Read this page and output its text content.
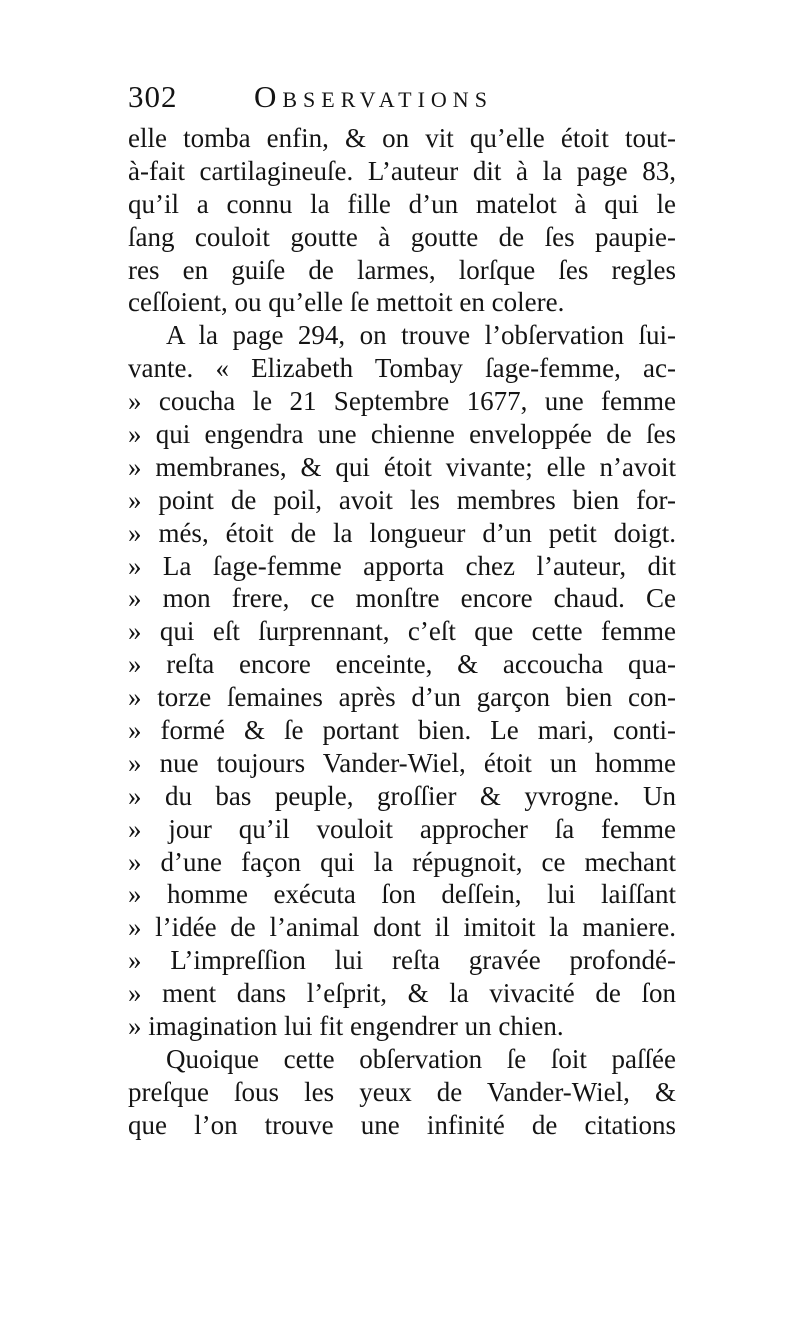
302 Observations
elle tomba enfin, & on vit qu’elle étoit tout-
à-fait cartilagineuſe. L’auteur dit à la page 83,
qu’il a connu la fille d’un matelot à qui le
ſang couloit goutte à goutte de ſes paupie-
res en guiſe de larmes, lorſque ſes regles
ceſſoient, ou qu’elle ſe mettoit en colere.
A la page 294, on trouve l’obſervation ſui-
vante. « Elizabeth Tombay ſage-femme, ac-
» coucha le 21 Septembre 1677, une femme
» qui engendra une chienne enveloppée de ſes
» membranes, & qui étoit vivante; elle n’avoit
» point de poil, avoit les membres bien for-
» més, étoit de la longueur d’un petit doigt.
» La ſage-femme apporta chez l’auteur, dit
» mon frere, ce monſtre encore chaud. Ce
» qui eſt ſurprennant, c’eſt que cette femme
» reſta encore enceinte, & accoucha qua-
» torze ſemaines après d’un garçon bien con-
» formé & ſe portant bien. Le mari, conti-
» nue toujours Vander-Wiel, étoit un homme
» du bas peuple, groſſier & yvrogne. Un
» jour qu’il vouloit approcher ſa femme
» d’une façon qui la répugnoit, ce mechant
» homme exécuta ſon deſſein, lui laiſſant
» l’idée de l’animal dont il imitoit la maniere.
» L’impreſſion lui reſta gravée profondé-
» ment dans l’eſprit, & la vivacité de ſon
» imagination lui fit engendrer un chien.
Quoique cette obſervation ſe ſoit paſſée
preſque ſous les yeux de Vander-Wiel, &
que l’on trouve une infinité de citations
